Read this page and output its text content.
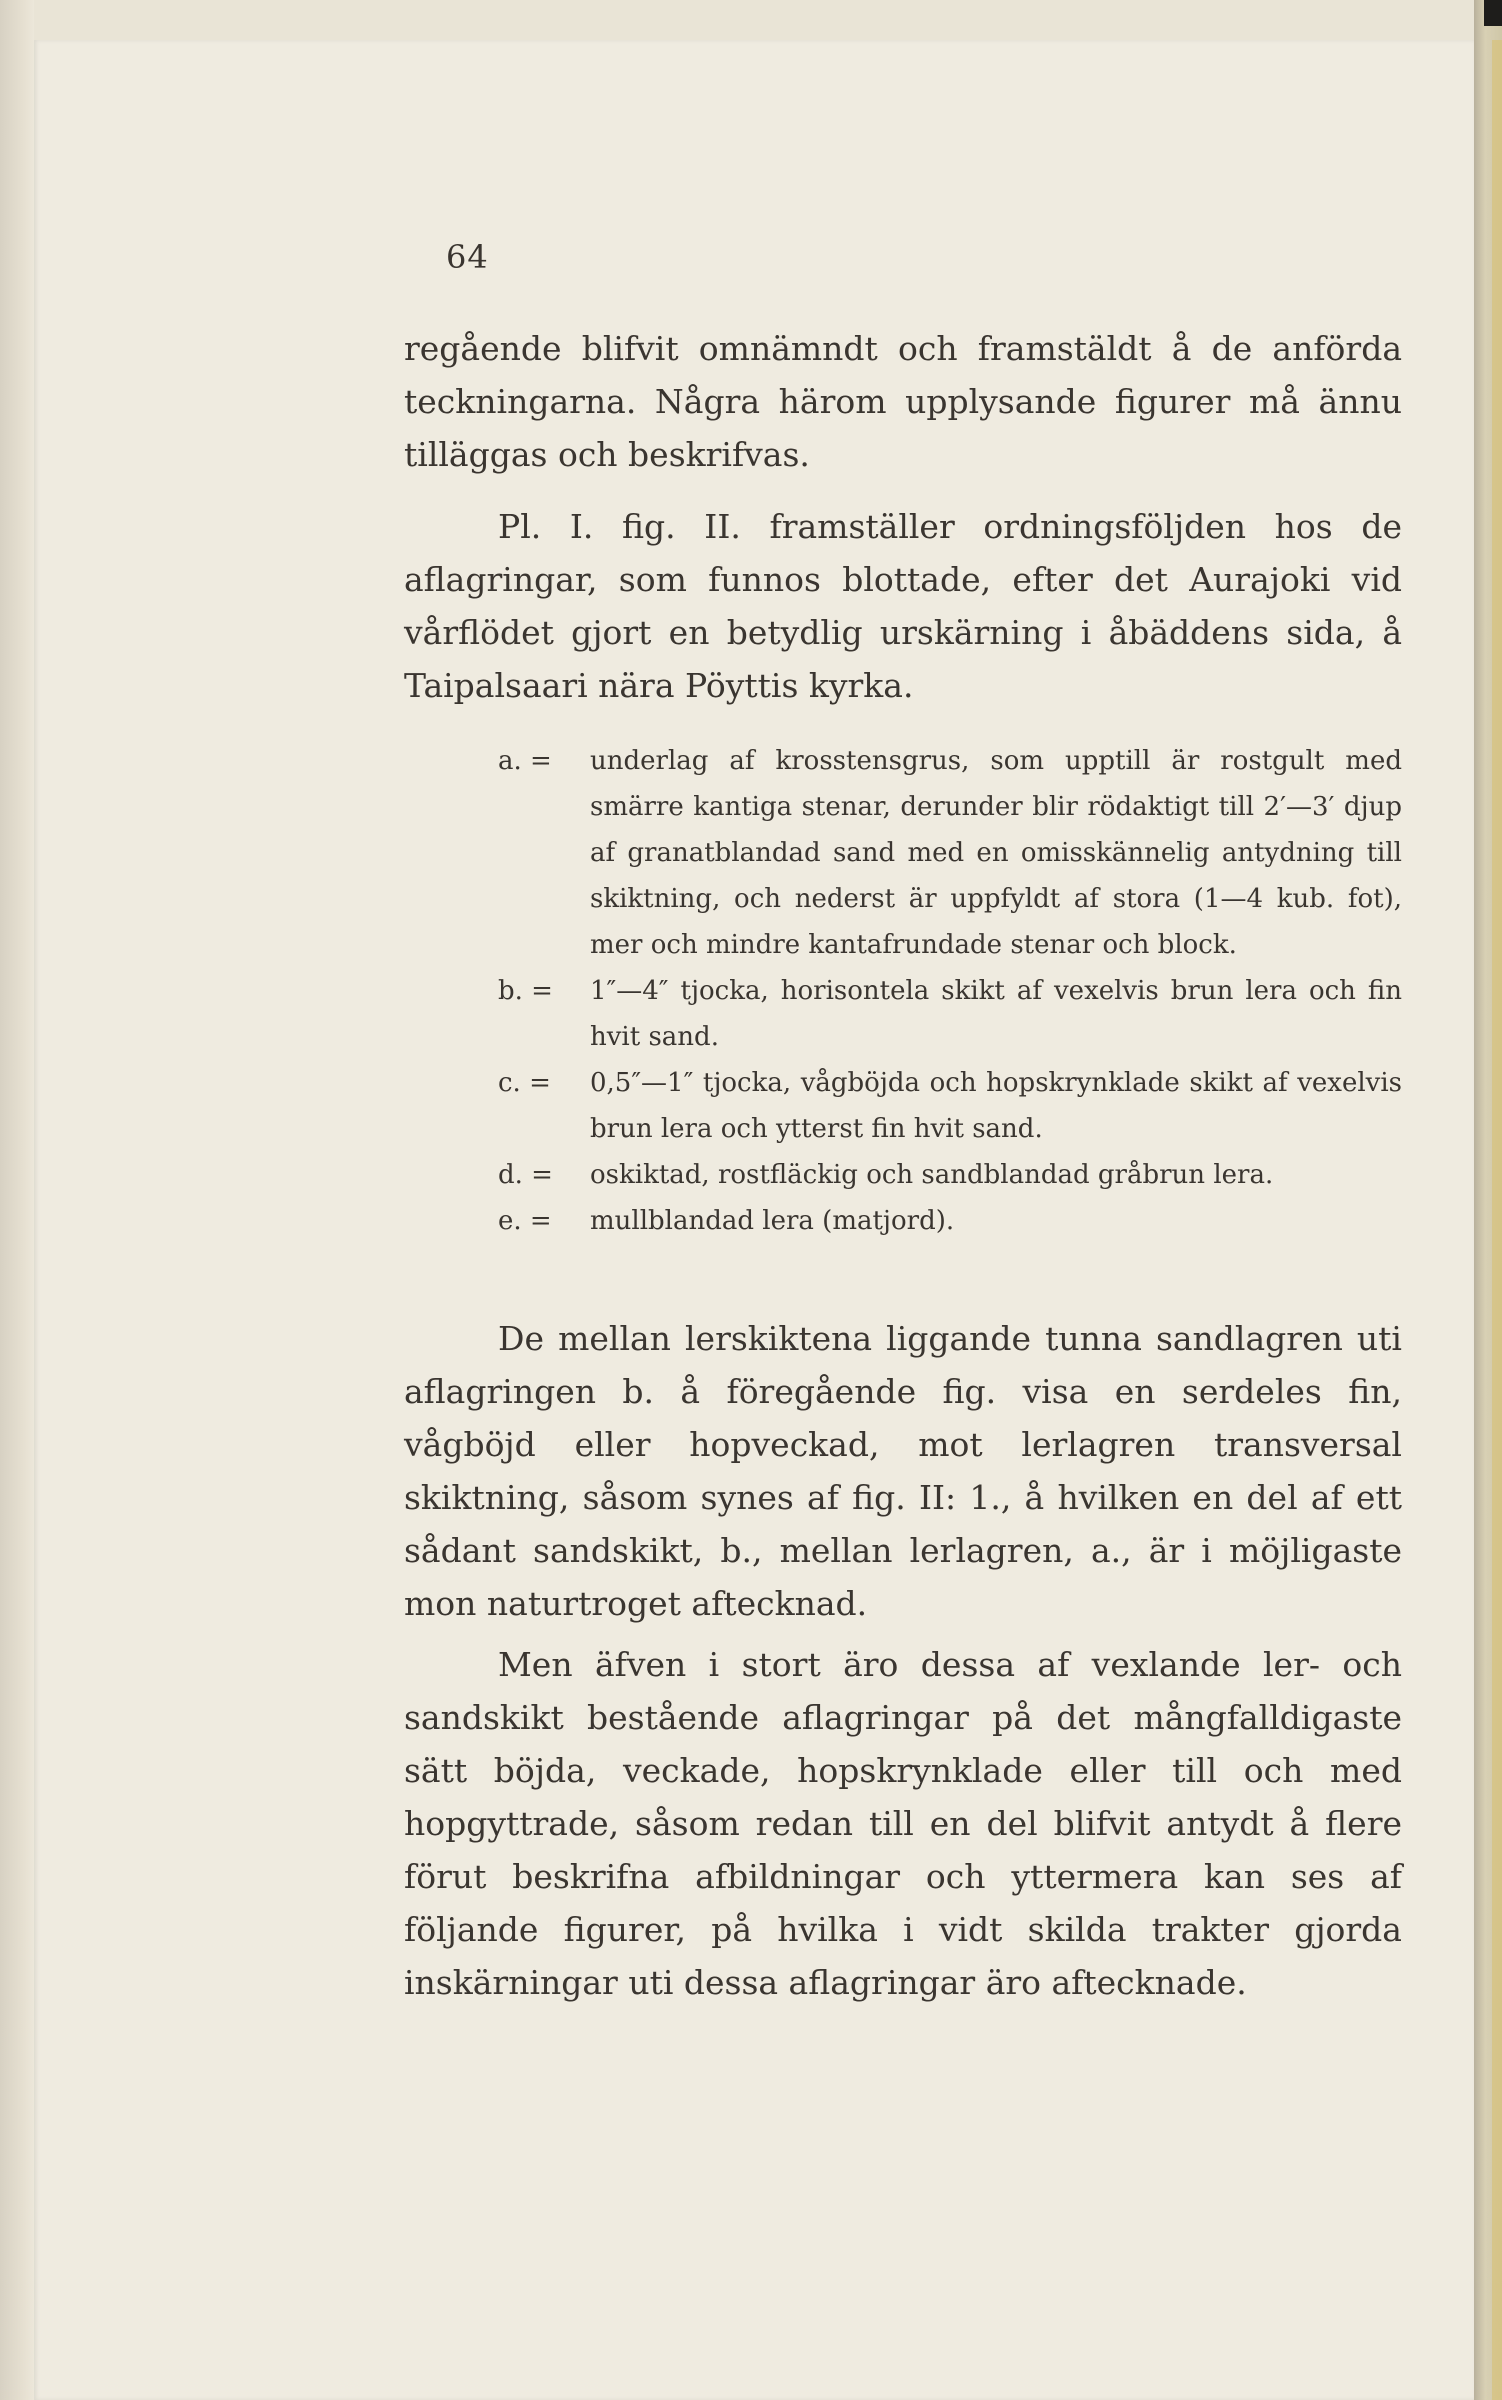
64

regående blifvit omnämndt och framstäldt å de anförda teckningarna. Några härom upplysande figurer må ännu tilläggas och beskrifvas.

Pl. I. fig. II. framställer ordningsföljden hos de aflagringar, som funnos blottade, efter det Aurajoki vid vårflödet gjort en betydlig urskärning i åbäddens sida, å Taipalsaari nära Pöyttis kyrka.

a. = underlag af krosstensgrus, som upptill är rostgult med smärre kantiga stenar, derunder blir rödaktigt till 2′—3′ djup af granatblandad sand med en omisskännelig antydning till skiktning, och nederst är uppfyldt af stora (1—4 kub. fot), mer och mindre kantafrundade stenar och block.
b. = 1″—4″ tjocka, horisontela skikt af vexelvis brun lera och fin hvit sand.
c. = 0,5″—1″ tjocka, vågböjda och hopskrynklade skikt af vexelvis brun lera och ytterst fin hvit sand.
d. = oskiktad, rostfläckig och sandblandad gråbrun lera.
e. = mullblandad lera (matjord).

De mellan lerskiktena liggande tunna sandlagren uti aflagringen b. å föregående fig. visa en serdeles fin, vågböjd eller hopveckad, mot lerlagren transversal skiktning, såsom synes af fig. II: 1., å hvilken en del af ett sådant sandskikt, b., mellan lerlagren, a., är i möjligaste mon naturtroget aftecknad.

Men äfven i stort äro dessa af vexlande ler- och sandskikt bestående aflagringar på det mångfalldigaste sätt böjda, veckade, hopskrynklade eller till och med hopgyttrade, såsom redan till en del blifvit antydt å flere förut beskrifna afbildningar och yttermera kan ses af följande figurer, på hvilka i vidt skilda trakter gjorda inskärningar uti dessa aflagringar äro aftecknade.
